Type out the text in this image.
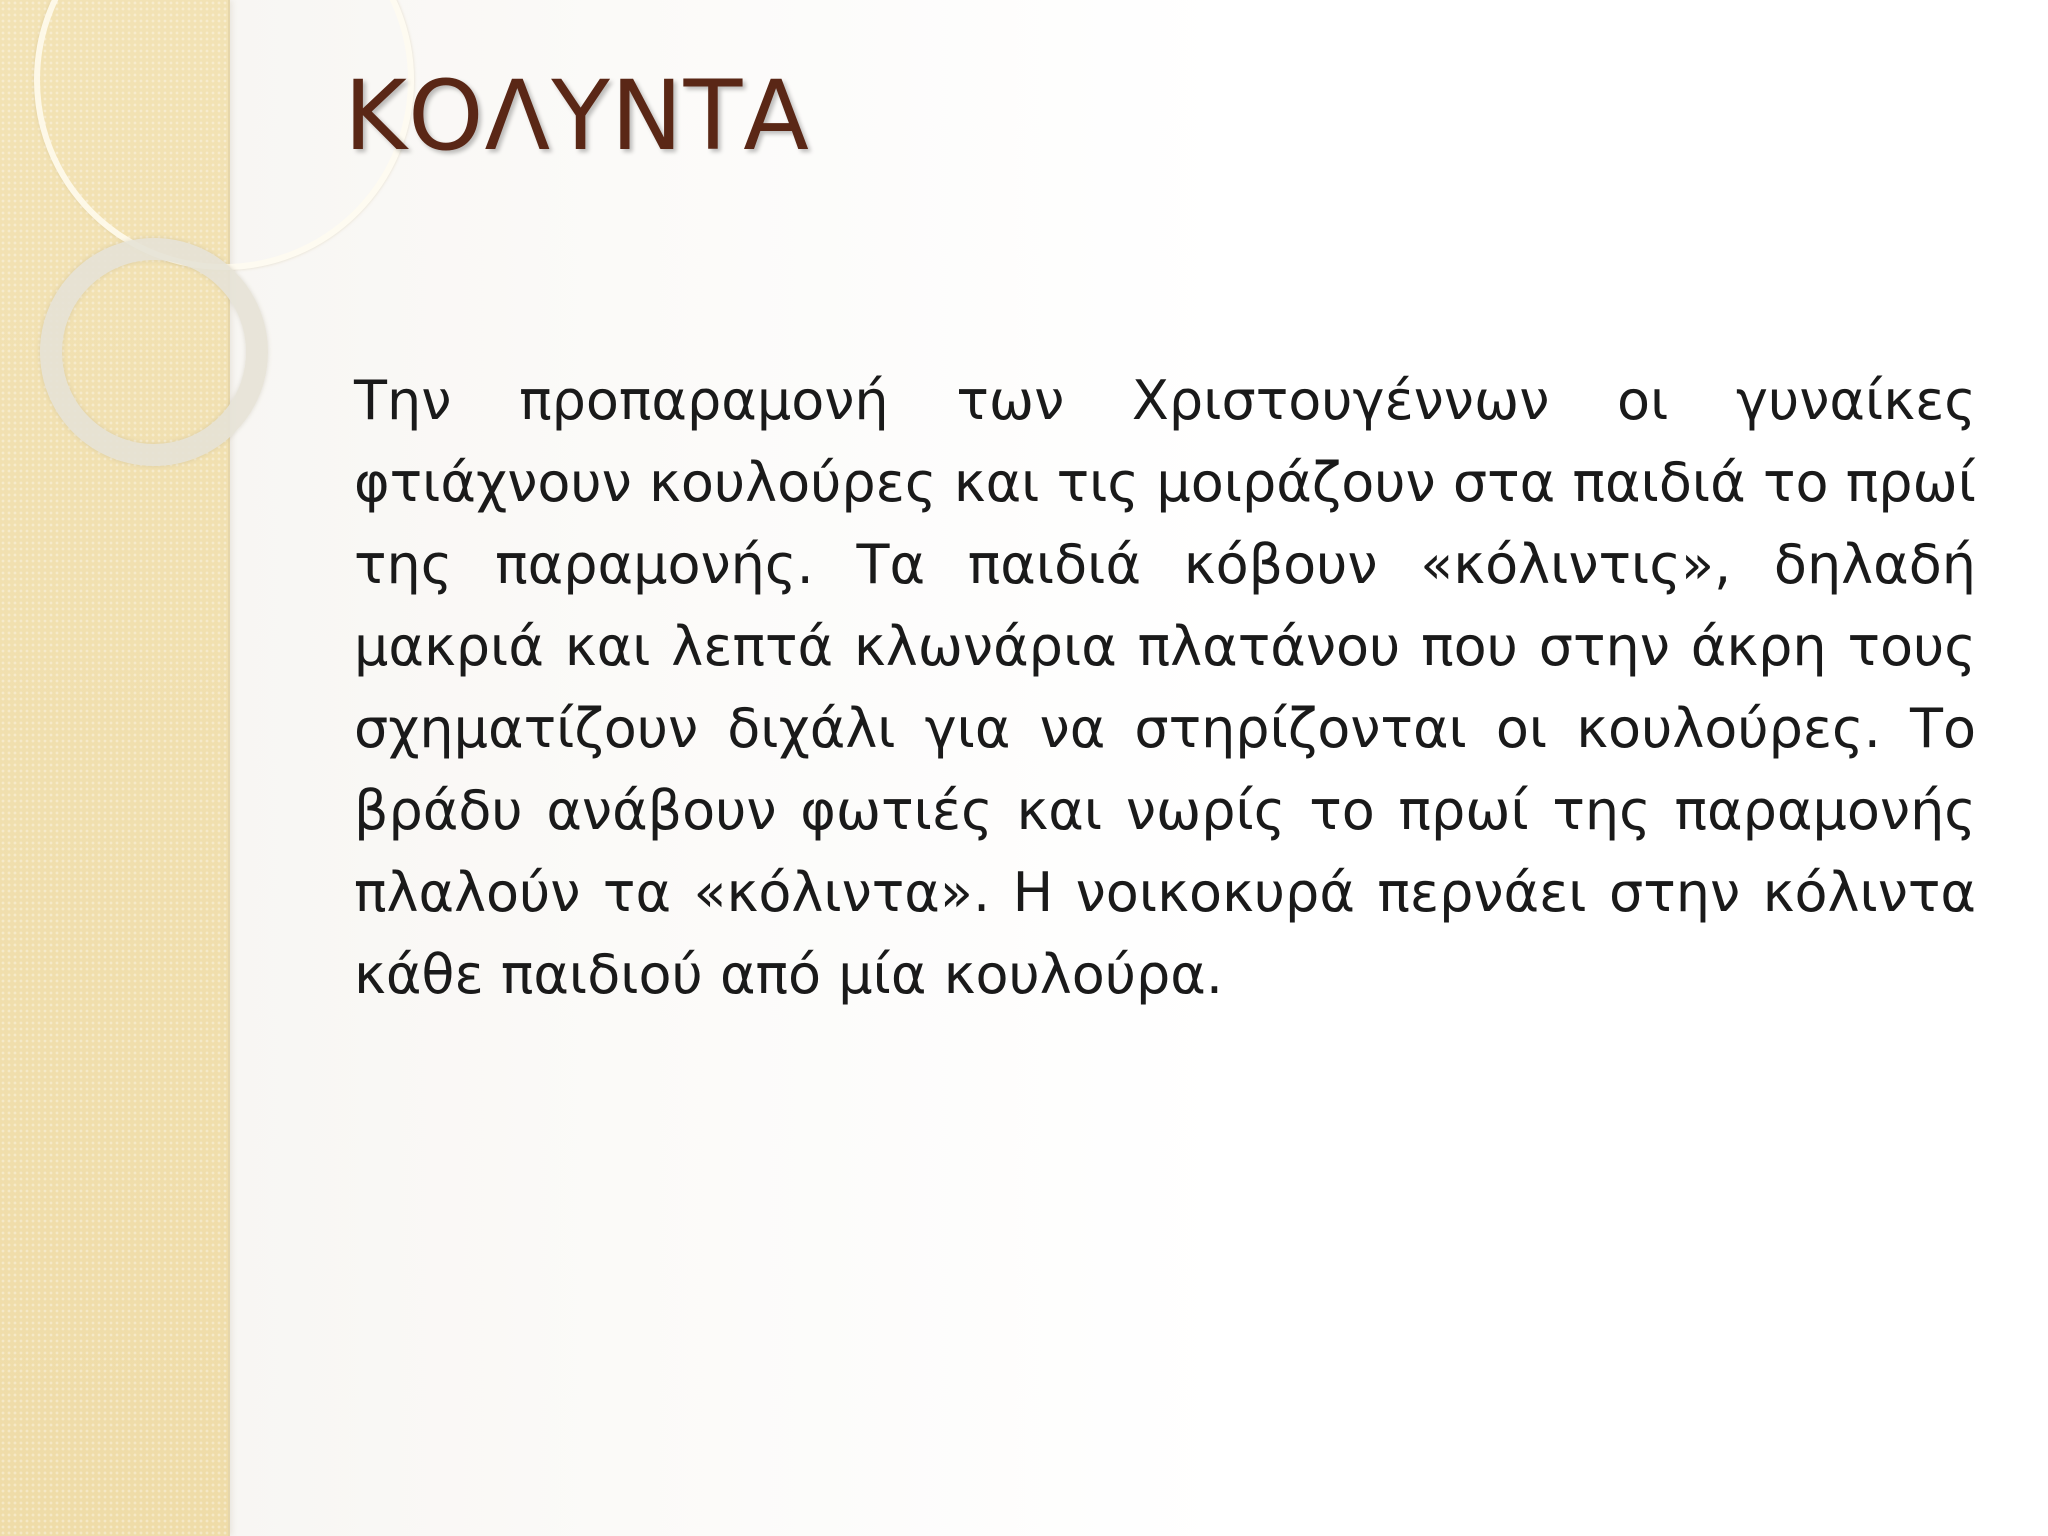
ΚΟΛΥΝΤΑ

Την προπαραμονή των Χριστουγέννων οι γυναίκες φτιάχνουν κουλούρες και τις μοιράζουν στα παιδιά το πρωί της παραμονής. Τα παιδιά κόβουν «κόλιντις», δηλαδή μακριά και λεπτά κλωνάρια πλατάνου που στην άκρη τους σχηματίζουν διχάλι για να στηρίζονται οι κουλούρες. Το βράδυ ανάβουν φωτιές και νωρίς το πρωί της παραμονής πλαλούν τα «κόλιντα». Η νοικοκυρά περνάει στην κόλιντα κάθε παιδιού από μία κουλούρα.
